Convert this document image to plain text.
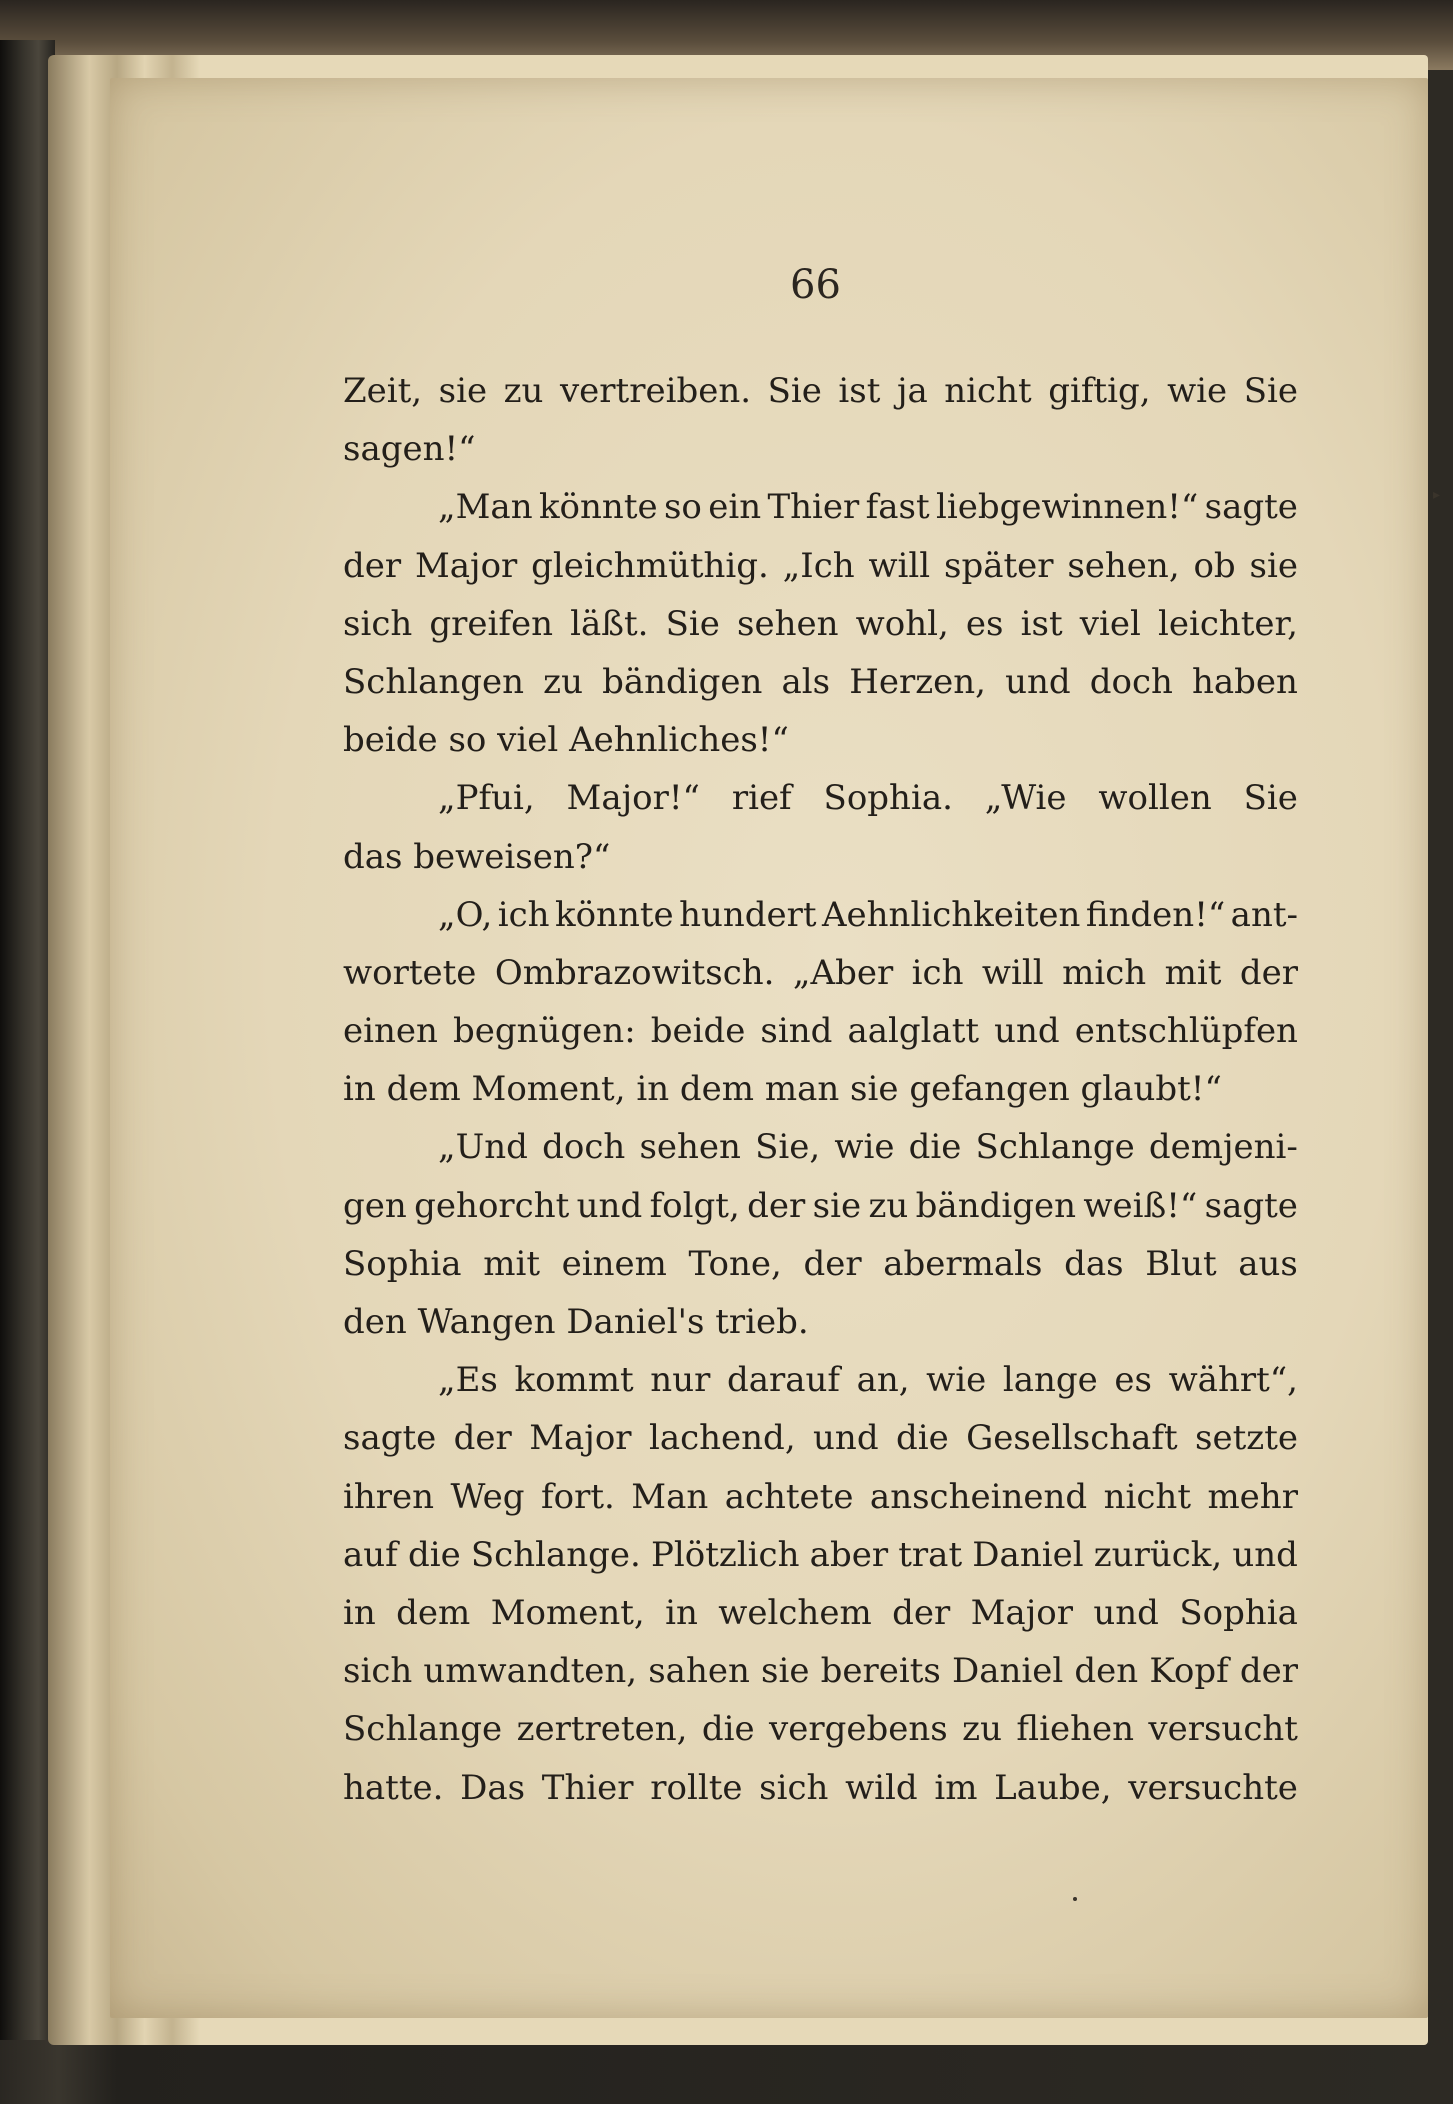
66
▸
Zeit, sie zu vertreiben. Sie ist ja nicht giftig, wie Sie
sagen!“
„Man könnte so ein Thier fast liebgewinnen!“ sagte
der Major gleichmüthig. „Ich will später sehen, ob sie
sich greifen läßt. Sie sehen wohl, es ist viel leichter,
Schlangen zu bändigen als Herzen, und doch haben
beide so viel Aehnliches!“
„Pfui, Major!“ rief Sophia. „Wie wollen Sie
das beweisen?“
„O, ich könnte hundert Aehnlichkeiten finden!“ ant-
wortete Ombrazowitsch. „Aber ich will mich mit der
einen begnügen: beide sind aalglatt und entschlüpfen
in dem Moment, in dem man sie gefangen glaubt!“
„Und doch sehen Sie, wie die Schlange demjeni-
gen gehorcht und folgt, der sie zu bändigen weiß!“ sagte
Sophia mit einem Tone, der abermals das Blut aus
den Wangen Daniel's trieb.
„Es kommt nur darauf an, wie lange es währt“,
sagte der Major lachend, und die Gesellschaft setzte
ihren Weg fort. Man achtete anscheinend nicht mehr
auf die Schlange. Plötzlich aber trat Daniel zurück, und
in dem Moment, in welchem der Major und Sophia
sich umwandten, sahen sie bereits Daniel den Kopf der
Schlange zertreten, die vergebens zu fliehen versucht
hatte. Das Thier rollte sich wild im Laube, versuchte
